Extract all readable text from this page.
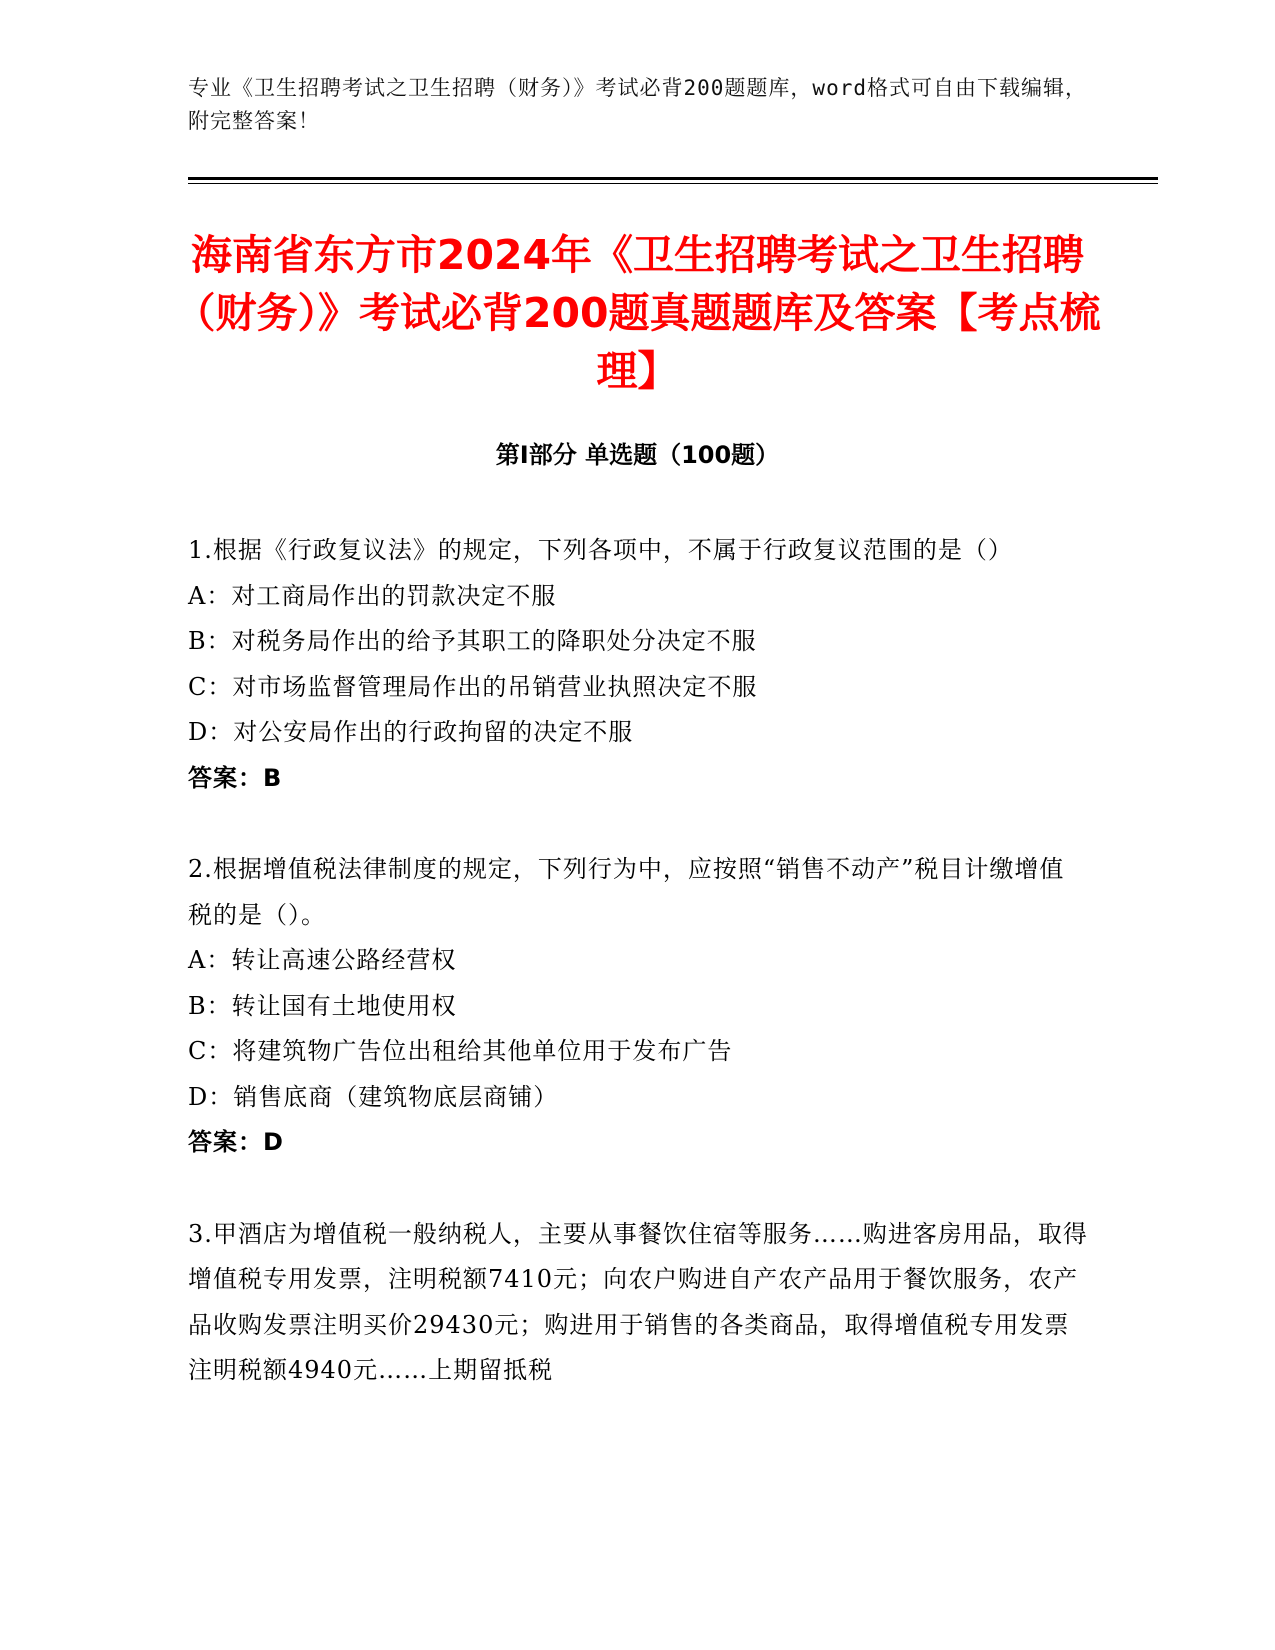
专业《卫生招聘考试之卫生招聘（财务）》考试必背200题题库，word格式可自由下载编辑，附完整答案！
海南省东方市2024年《卫生招聘考试之卫生招聘（财务）》考试必背200题真题题库及答案【考点梳理】
第I部分 单选题（100题）

1.根据《行政复议法》的规定，下列各项中，不属于行政复议范围的是（）

A：对工商局作出的罚款决定不服

B：对税务局作出的给予其职工的降职处分决定不服

C：对市场监督管理局作出的吊销营业执照决定不服

D：对公安局作出的行政拘留的决定不服

答案：B

2.根据增值税法律制度的规定，下列行为中，应按照“销售不动产”税目计缴增值税的是（）。

A：转让高速公路经营权

B：转让国有土地使用权

C：将建筑物广告位出租给其他单位用于发布广告

D：销售底商（建筑物底层商铺）

答案：D

3.甲酒店为增值税一般纳税人，主要从事餐饮住宿等服务……购进客房用品，取得增值税专用发票，注明税额7410元；向农户购进自产农产品用于餐饮服务，农产品收购发票注明买价29430元；购进用于销售的各类商品，取得增值税专用发票注明税额4940元……上期留抵税
